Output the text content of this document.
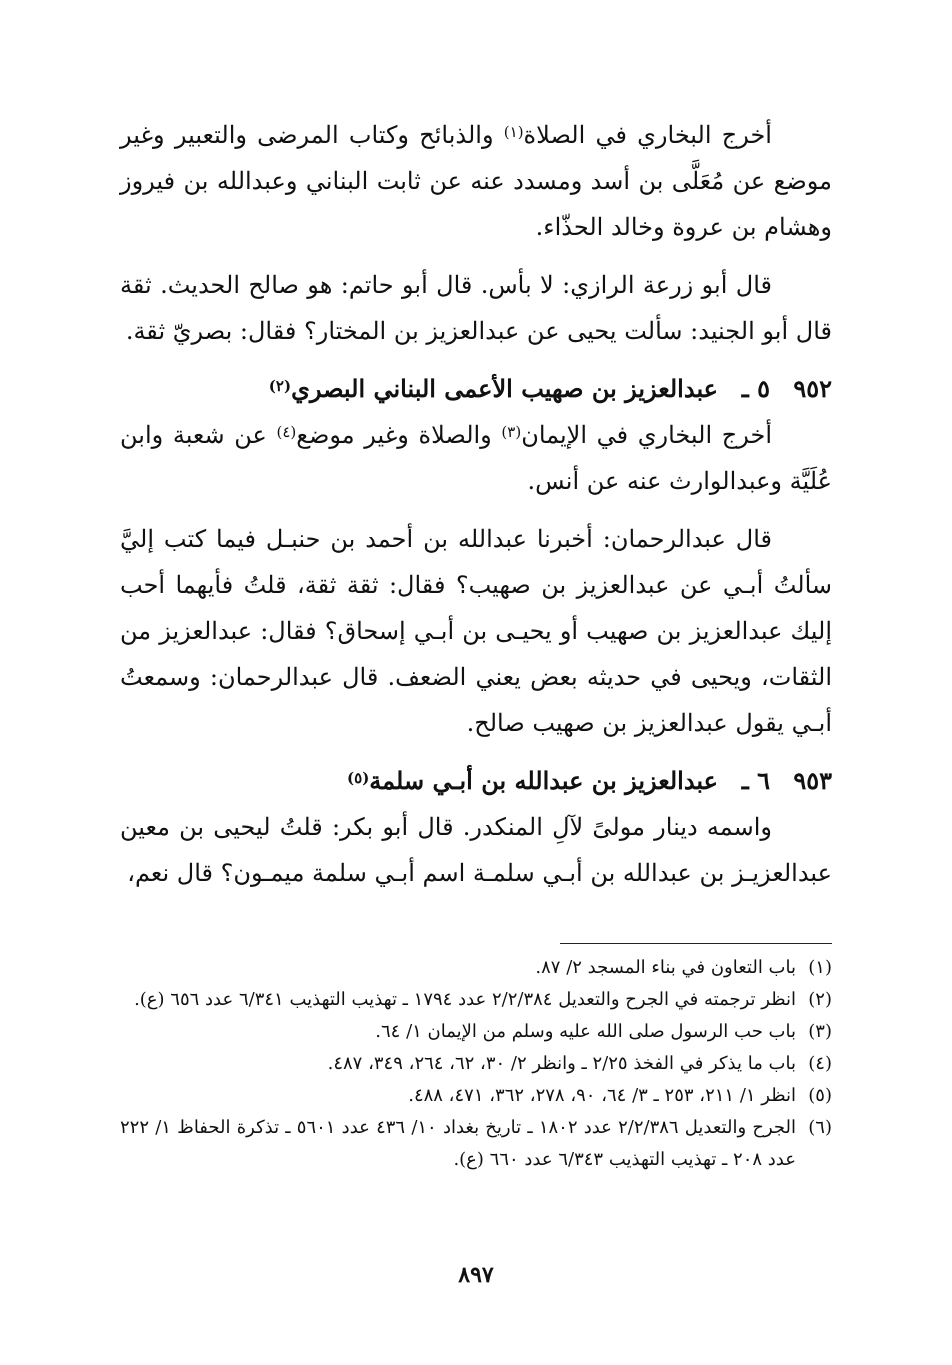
أخرج البخاري في الصلاة$^{(١)}$ والذبائح وكتاب المرضى والتعبير وغير موضع عن مُعَلَّى بن أسد ومسدد عنه عن ثابت البناني وعبدالله بن فيروز وهشام بن عروة وخالد الحذّاء.

قال أبو زرعة الرازي: لا بأس. قال أبو حاتم: هو صالح الحديث. ثقة قال أبو الجنيد: سألت يحيى عن عبدالعزيز بن المختار؟ فقال: بصريّ ثقة.

٩٥٢
٥ ـ
عبدالعزيز بن صهيب الأعمى البناني البصري$^{(٢)}$

أخرج البخاري في الإيمان$^{(٣)}$ والصلاة وغير موضع$^{(٤)}$ عن شعبة وابن عُلَيَّة وعبدالوارث عنه عن أنس.

قال عبدالرحمان: أخبرنا عبدالله بن أحمد بن حنبـل فيما كتب إليَّ سألتُ أبـي عن عبدالعزيز بن صهيب؟ فقال: ثقة ثقة، قلتُ فأيهما أحب إليك عبدالعزيز بن صهيب أو يحيـى بن أبـي إسحاق؟ فقال: عبدالعزيز من الثقات، ويحيى في حديثه بعض يعني الضعف. قال عبدالرحمان: وسمعتُ أبـي يقول عبدالعزيز بن صهيب صالح.

٩٥٣
٦ ـ
عبدالعزيز بن عبدالله بن أبـي سلمة$^{(٥)}$

واسمه دينار مولىً لآلِ المنكدر. قال أبو بكر: قلتُ ليحيى بن معين عبدالعزيـز بن عبدالله بن أبـي سلمـة اسم أبـي سلمة ميمـون؟ قال نعم،

(١)
باب التعاون في بناء المسجد ٢/ ٨٧.
(٢)
انظر ترجمته في الجرح والتعديل ٢/٢/٣٨٤ عدد ١٧٩٤ ـ تهذيب التهذيب ٦/٣٤١ عدد ٦٥٦ (ع).
(٣)
باب حب الرسول صلى الله عليه وسلم من الإيمان ١/ ٦٤.
(٤)
باب ما يذكر في الفخذ ٢/٢٥ ـ وانظر ٢/ ٣٠، ٦٢، ٢٦٤، ٣٤٩، ٤٨٧.
(٥)
انظر ١/ ٢١١، ٢٥٣ ـ ٣/ ٦٤، ٩٠، ٢٧٨، ٣٦٢، ٤٧١، ٤٨٨.
(٦)
الجرح والتعديل ٢/٢/٣٨٦ عدد ١٨٠٢ ـ تاريخ بغداد ١٠/ ٤٣٦ عدد ٥٦٠١ ـ تذكرة الحفاظ ١/ ٢٢٢ عدد ٢٠٨ ـ تهذيب التهذيب ٦/٣٤٣ عدد ٦٦٠ (ع).
٨٩٧
